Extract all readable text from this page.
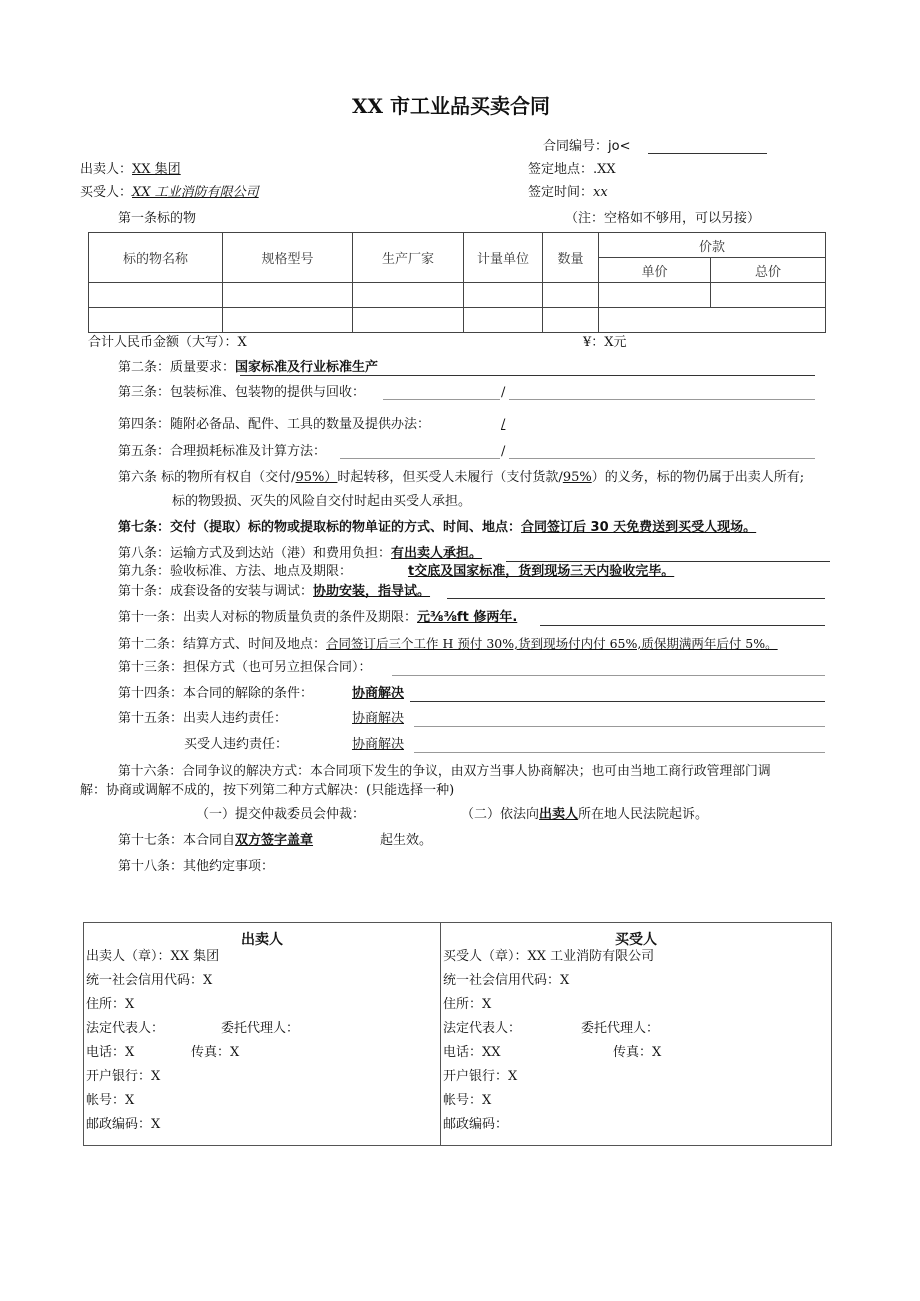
XX 市工业品买卖合同
合同编号：jo<
出卖人：XX 集团	签定地点：.XX
买受人：XX 工业消防有限公司	签定时间：xx
第一条标的物	（注：空格如不够用，可以另接）
标的物名称	规格型号	生产厂家	计量单位	数量	价款	
					单价	总价

合计人民币金额（大写）：X	¥：X元
第二条：质量要求：国家标准及行业标准生产
第三条：包装标准、包装物的提供与回收：	/
第四条：随附必备品、配件、工具的数量及提供办法：	/
第五条：合理损耗标准及计算方法：	/
第六条 标的物所有权自（交付/95%）时起转移，但买受人未履行（支付货款/95%）的义务，标的物仍属于出卖人所有;
标的物毁损、灭失的风险自交付时起由买受人承担。
第七条：交付（提取）标的物或提取标的物单证的方式、时间、地点：合同签订后 30 天免费送到买受人现场。
第八条：运输方式及到达站（港）和费用负担：有出卖人承担。
第九条：验收标准、方法、地点及期限：	t交底及国家标准，货到现场三天内验收完毕。
第十条：成套设备的安装与调试：协助安装，指导试。
第十一条：出卖人对标的物质量负责的条件及期限：元⅜⅜ft 修两年.
第十二条：结算方式、时间及地点：合同签订后三个工作 H 预付 30%,货到现场付内付 65%,质保期满两年后付 5%。
第十三条：担保方式（也可另立担保合同）：
第十四条：本合同的解除的条件：	协商解决
第十五条：出卖人违约责任：	协商解决
买受人违约责任：	协商解决
第十六条：合同争议的解决方式：本合同项下发生的争议，由双方当事人协商解决；也可由当地工商行政管理部门调
解：协商或调解不成的，按下列第二种方式解决：(只能选择一种)
（一）提交仲裁委员会仲裁：	（二）依法向出卖人所在地人民法院起诉。
第十七条：本合同自双方签字盖章	起生效。
第十八条：其他约定事项：
出卖人
出卖人（章）：XX 集团
统一社会信用代码：X
住所：X
法定代表人：	委托代理人：
电话：X	传真：X
开户银行：X
帐号：X
邮政编码：X
买受人
买受人（章）：XX 工业消防有限公司
统一社会信用代码：X
住所：X
法定代表人：	委托代理人：
电话：XX	传真：X
开户银行：X
帐号：X
邮政编码：
